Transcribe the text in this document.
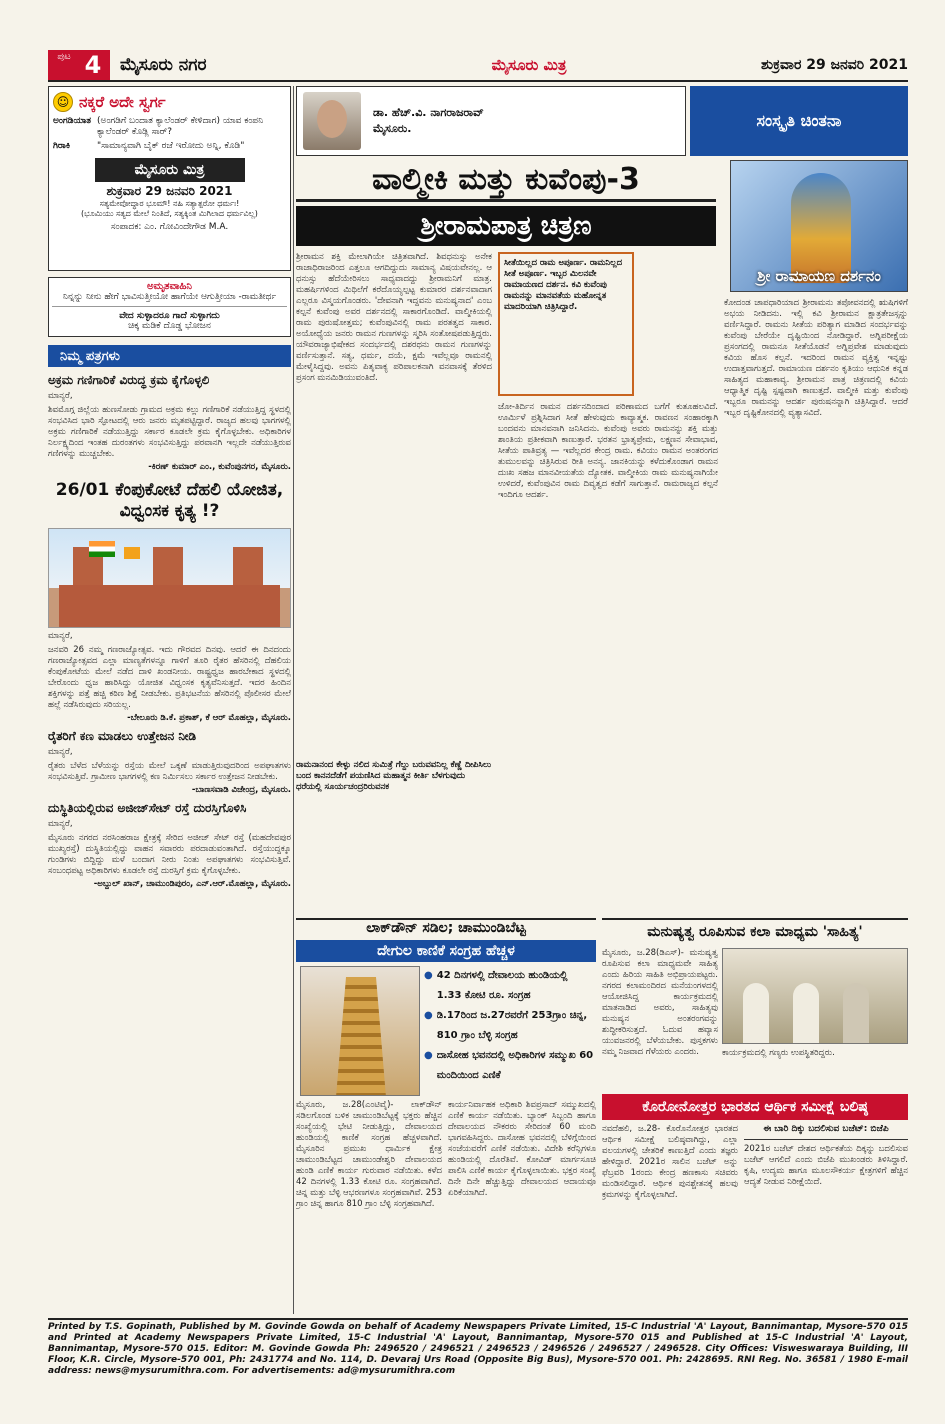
ಪುಟ 4	ಮೈಸೂರು ನಗರ	ಮೈಸೂರು ಮಿತ್ರ	ಶುಕ್ರವಾರ 29 ಜನವರಿ 2021
☺ ನಕ್ಕರೆ ಅದೇ ಸ್ವರ್ಗ
ಅಂಗಡಿಯಾತ (ಅಂಗಡಿಗೆ ಬಂದಾತ ಕ್ಯಾಲೆಂಡರ್ ಕೇಳಿದಾಗ) ಯಾವ ಕಂಪನಿ ಕ್ಯಾಲೆಂಡರ್ ಕೊಡ್ಲಿ ಸಾರ್?
ಗಿರಾಕಿ	"ಸಾಮಾನ್ಯವಾಗಿ ಬೈಕ್ ರಜೆ ಇರೋದು ಅನ್ನಿ, ಕೊಡಿ"
ಮೈಸೂರು ಮಿತ್ರ
ಶುಕ್ರವಾರ 29 ಜನವರಿ 2021
ಸತ್ಯಮೇವೋದ್ಧಾರ ಭೂಮೌ! ನಹಿ ಸತ್ಯಾತ್ಪರೋ ಧರ್ಮಃ!
(ಭೂಮಿಯು ಸತ್ಯದ ಮೇಲೆ ನಿಂತಿದೆ, ಸತ್ಯಕ್ಕಿಂತ ಮಿಗಿಲಾದ ಧರ್ಮವಿಲ್ಲ)
ಸಂಪಾದಕ: ಎಂ. ಗೋವಿಂದೇಗೌಡ M.A.
ಅಮೃತವಾಹಿನಿ
ನಿನ್ನನ್ನು ನೀನು ಹೇಗೆ ಭಾವಿಸುತ್ತೀಯೋ ಹಾಗೆಯೇ ಆಗುತ್ತೀಯಾ -ರಾಮತೀರ್ಥ
ವೇದ ಸುಳ್ಳಾದರೂ ಗಾದೆ ಸುಳ್ಳಾಗದು
ಚಿಕ್ಕ ಮಡಿಕೆ ದೊಡ್ಡ ಭೋಜನ
ನಿಮ್ಮ ಪತ್ರಗಳು
ಅಕ್ರಮ ಗಣಿಗಾರಿಕೆ ವಿರುದ್ಧ ಕ್ರಮ ಕೈಗೊಳ್ಳಲಿ
ಮಾನ್ಯರೆ,
ಶಿವಮೊಗ್ಗ ಜಿಲ್ಲೆಯ ಹುಣಸೋಡು ಗ್ರಾಮದ ಅಕ್ರಮ ಕಲ್ಲು ಗಣಿಗಾರಿಕೆ ನಡೆಯುತ್ತಿದ್ದ ಸ್ಥಳದಲ್ಲಿ ಸಂಭವಿಸಿದ ಭಾರಿ ಸ್ಫೋಟದಲ್ಲಿ ಆರು ಜನರು ಮೃತಪಟ್ಟಿದ್ದಾರೆ. ರಾಜ್ಯದ ಹಲವು ಭಾಗಗಳಲ್ಲಿ ಅಕ್ರಮ ಗಣಿಗಾರಿಕೆ ನಡೆಯುತ್ತಿದ್ದು ಸರ್ಕಾರ ಕೂಡಲೇ ಕ್ರಮ ಕೈಗೊಳ್ಳಬೇಕು. ಅಧಿಕಾರಿಗಳ ನಿರ್ಲಕ್ಷ್ಯದಿಂದ ಇಂತಹ ದುರಂತಗಳು ಸಂಭವಿಸುತ್ತಿದ್ದು ಪರವಾನಗಿ ಇಲ್ಲದೇ ನಡೆಯುತ್ತಿರುವ ಗಣಿಗಳನ್ನು ಮುಚ್ಚಬೇಕು.
-ಕಿರಣ್ ಕುಮಾರ್ ಎಂ., ಕುವೆಂಪುನಗರ, ಮೈಸೂರು.
26/01 ಕೆಂಪುಕೋಟೆ ದೆಹಲಿ ಯೋಜಿತ, ವಿಧ್ವಂಸಕ ಕೃತ್ಯ !?
ಮಾನ್ಯರೆ,
ಜನವರಿ 26 ನಮ್ಮ ಗಣರಾಜ್ಯೋತ್ಸವ. ಇದು ಗೌರವದ ದಿನವು. ಆದರೆ ಈ ದಿನದಂದು ಗಣರಾಜ್ಯೋತ್ಸವದ ಎಲ್ಲಾ ಮಾಣ್ಯತೆಗಳನ್ನೂ ಗಾಳಿಗೆ ತೂರಿ ರೈತರ ಹೆಸರಿನಲ್ಲಿ ದೆಹಲಿಯ ಕೆಂಪುಕೋಟೆಯ ಮೇಲೆ ನಡೆದ ದಾಳಿ ಖಂಡನೀಯ. ರಾಷ್ಟ್ರಧ್ವಜ ಹಾರಬೇಕಾದ ಸ್ಥಳದಲ್ಲಿ ಬೇರೊಂದು ಧ್ವಜ ಹಾರಿಸಿದ್ದು ಯೋಜಿತ ವಿಧ್ವಂಸಕ ಕೃತ್ಯವೆನಿಸುತ್ತದೆ. ಇದರ ಹಿಂದಿನ ಶಕ್ತಿಗಳನ್ನು ಪತ್ತೆ ಹಚ್ಚಿ ಕಠಿಣ ಶಿಕ್ಷೆ ನೀಡಬೇಕು. ಪ್ರತಿಭಟನೆಯ ಹೆಸರಿನಲ್ಲಿ ಪೊಲೀಸರ ಮೇಲೆ ಹಲ್ಲೆ ನಡೆಸಿರುವುದು ಸರಿಯಲ್ಲ.
-ಬೇಲೂರು ಡಿ.ಕೆ. ಪ್ರಕಾಶ್, ಕೆ ಆರ್ ಮೊಹಲ್ಲಾ, ಮೈಸೂರು.
ರೈತರಿಗೆ ಕಣ ಮಾಡಲು ಉತ್ತೇಜನ ನೀಡಿ
ಮಾನ್ಯರೆ,
ರೈತರು ಬೆಳೆದ ಬೆಳೆಯನ್ನು ರಸ್ತೆಯ ಮೇಲೆ ಒಕ್ಕಣೆ ಮಾಡುತ್ತಿರುವುದರಿಂದ ಅಪಘಾತಗಳು ಸಂಭವಿಸುತ್ತಿವೆ. ಗ್ರಾಮೀಣ ಭಾಗಗಳಲ್ಲಿ ಕಣ ನಿರ್ಮಿಸಲು ಸರ್ಕಾರ ಉತ್ತೇಜನ ನೀಡಬೇಕು.
-ಬಾಣಸವಾಡಿ ವಿಜೇಂದ್ರ, ಮೈಸೂರು.
ದುಸ್ಥಿತಿಯಲ್ಲಿರುವ ಅಜೀಜ್‌ಸೇಟ್ ರಸ್ತೆ ದುರಸ್ತಿಗೊಳಿಸಿ
ಮಾನ್ಯರೆ,
ಮೈಸೂರು ನಗರದ ನರಸಿಂಹರಾಜ ಕ್ಷೇತ್ರಕ್ಕೆ ಸೇರಿದ ಅಜೀಜ್ ಸೇಟ್ ರಸ್ತೆ (ಮಹದೇವಪುರ ಮುಖ್ಯರಸ್ತೆ) ದುಸ್ಥಿತಿಯಲ್ಲಿದ್ದು ವಾಹನ ಸವಾರರು ಪರದಾಡುವಂತಾಗಿದೆ. ರಸ್ತೆಯುದ್ದಕ್ಕೂ ಗುಂಡಿಗಳು ಬಿದ್ದಿದ್ದು ಮಳೆ ಬಂದಾಗ ನೀರು ನಿಂತು ಅಪಘಾತಗಳು ಸಂಭವಿಸುತ್ತಿವೆ. ಸಂಬಂಧಪಟ್ಟ ಅಧಿಕಾರಿಗಳು ಕೂಡಲೇ ರಸ್ತೆ ದುರಸ್ತಿಗೆ ಕ್ರಮ ಕೈಗೊಳ್ಳಬೇಕು.
-ಅಬ್ದುಲ್ ಖಾನ್, ಚಾಮುಂಡಿಪುರಂ, ಎನ್.ಆರ್.ಮೊಹಲ್ಲಾ, ಮೈಸೂರು.
ಡಾ. ಹೆಚ್.ವಿ. ನಾಗರಾಜರಾವ್
ಮೈಸೂರು.	ಸಂಸ್ಕೃತಿ ಚಿಂತನಾ
ವಾಲ್ಮೀಕಿ ಮತ್ತು ಕುವೆಂಪು-3
ಶ್ರೀರಾಮಪಾತ್ರ ಚಿತ್ರಣ
ಶ್ರೀ ರಾಮಾಯಣ ದರ್ಶನಂ
ಶ್ರೀರಾಮನ ಶಕ್ತಿ ಮೇಲಾಗಿಯೇ ಚಿತ್ರಿತವಾಗಿದೆ. ಶಿವಧನುಸ್ಸು ಅನೇಕ ರಾಜಾಧಿರಾಜರಿಂದ ಎತ್ತಲೂ ಆಗದಿದ್ದುದು ಸಾಮಾನ್ಯ ವಿಷಯವೇನಲ್ಲ. ಆ ಧನುಸ್ಸು ಹೆದೆಯೇರಿಸಲು ಸಾಧ್ಯವಾದದ್ದು ಶ್ರೀರಾಮನಿಗೆ ಮಾತ್ರ. ಮಹರ್ಷಿಗಳಿಂದ ಮಿಥಿಲೆಗೆ ಕರೆದೊಯ್ಯಲ್ಪಟ್ಟ ಕುಮಾರರ ದರ್ಶನವಾದಾಗ ಎಲ್ಲರೂ ವಿಸ್ಮಯಗೊಂಡರು. 'ದೇವನಾಗಿ ಇದ್ದವನು ಮನುಷ್ಯನಾದ' ಎಂಬ ಕಲ್ಪನೆ ಕುವೆಂಪು ಅವರ ದರ್ಶನದಲ್ಲಿ ಸಾಕಾರಗೊಂಡಿದೆ. ವಾಲ್ಮೀಕಿಯಲ್ಲಿ ರಾಮ ಪುರುಷೋತ್ತಮ; ಕುವೆಂಪುವಿನಲ್ಲಿ ರಾಮ ಪರತತ್ವದ ಸಾಕಾರ. ಅಯೋಧ್ಯೆಯ ಜನರು ರಾಮನ ಗುಣಗಳನ್ನು ಸ್ಮರಿಸಿ ಸಂತೋಷಪಡುತ್ತಿದ್ದರು. ಯೌವರಾಜ್ಯಾಭಿಷೇಕದ ಸಂದರ್ಭದಲ್ಲಿ ದಶರಥನು ರಾಮನ ಗುಣಗಳನ್ನು ವರ್ಣಿಸುತ್ತಾನೆ. ಸತ್ಯ, ಧರ್ಮ, ದಯೆ, ಕ್ಷಮೆ ಇವೆಲ್ಲವೂ ರಾಮನಲ್ಲಿ ಮೇಳೈಸಿದ್ದವು. ಅವನು ಪಿತೃವಾಕ್ಯ ಪರಿಪಾಲಕನಾಗಿ ವನವಾಸಕ್ಕೆ ತೆರಳಿದ ಪ್ರಸಂಗ ಮನಮಿಡಿಯುವಂತಿದೆ.
ಸೀತೆಯಿಲ್ಲದ ರಾಮ ಅಪೂರ್ಣ. ರಾಮನಿಲ್ಲದ ಸೀತೆ ಅಪೂರ್ಣ. ಇಬ್ಬರ ಮಿಲನವೇ ರಾಮಾಯಣದ ದರ್ಶನ. ಕವಿ ಕುವೆಂಪು ರಾಮನನ್ನು ಮಾನವತೆಯ ಮಹೋನ್ನತ ಮಾದರಿಯಾಗಿ ಚಿತ್ರಿಸಿದ್ದಾರೆ.
ಜೋ-ತಿರ್ದಿನ ರಾಮನ ದರ್ಶನದಿಂದಾದ ಪರಿಣಾಮದ ಬಗೆಗೆ ಕುತೂಹಲವಿದೆ. ಊರ್ಮಿಳೆ ಪ್ರಶ್ನಿಸಿದಾಗ ಸೀತೆ ಹೇಳುವುದು ಕಾವ್ಯಾತ್ಮಕ. ರಾವಣನ ಸಂಹಾರಕ್ಕಾಗಿ ಬಂದವನು ಮಾನವನಾಗಿ ಜನಿಸಿದನು. ಕುವೆಂಪು ಅವರು ರಾಮನನ್ನು ಶಕ್ತಿ ಮತ್ತು ಶಾಂತಿಯ ಪ್ರತೀಕವಾಗಿ ಕಾಣುತ್ತಾರೆ. ಭರತನ ಭ್ರಾತೃಪ್ರೇಮ, ಲಕ್ಷ್ಮಣನ ಸೇವಾಭಾವ, ಸೀತೆಯ ಪಾತಿವ್ರತ್ಯ — ಇವೆಲ್ಲದರ ಕೇಂದ್ರ ರಾಮ. ಕವಿಯು ರಾಮನ ಅಂತರಂಗದ ತುಮುಲವನ್ನು ಚಿತ್ರಿಸಿರುವ ರೀತಿ ಅನನ್ಯ. ಜಾನಕಿಯನ್ನು ಕಳೆದುಕೊಂಡಾಗ ರಾಮನ ದುಃಖ ಸಹಜ ಮಾನವೀಯತೆಯ ದ್ಯೋತಕ. ವಾಲ್ಮೀಕಿಯ ರಾಮ ಮನುಷ್ಯನಾಗಿಯೇ ಉಳಿದರೆ, ಕುವೆಂಪುವಿನ ರಾಮ ದಿವ್ಯತ್ವದ ಕಡೆಗೆ ಸಾಗುತ್ತಾನೆ. ರಾಮರಾಜ್ಯದ ಕಲ್ಪನೆ ಇಂದಿಗೂ ಆದರ್ಶ.
ಕೋದಂಡ ಚಾಪಧಾರಿಯಾದ ಶ್ರೀರಾಮನು ತಪೋವನದಲ್ಲಿ ಋಷಿಗಳಿಗೆ ಅಭಯ ನೀಡಿದನು. ಇಲ್ಲಿ ಕವಿ ಶ್ರೀರಾಮನ ಕ್ಷಾತ್ರತೇಜಸ್ಸನ್ನು ವರ್ಣಿಸಿದ್ದಾರೆ. ರಾಮನು ಸೀತೆಯ ಪರಿತ್ಯಾಗ ಮಾಡಿದ ಸಂದರ್ಭವನ್ನು ಕುವೆಂಪು ಬೇರೆಯೇ ದೃಷ್ಟಿಯಿಂದ ನೋಡಿದ್ದಾರೆ. ಅಗ್ನಿಪರೀಕ್ಷೆಯ ಪ್ರಸಂಗದಲ್ಲಿ ರಾಮನೂ ಸೀತೆಯೊಡನೆ ಅಗ್ನಿಪ್ರವೇಶ ಮಾಡುವುದು ಕವಿಯ ಹೊಸ ಕಲ್ಪನೆ. ಇದರಿಂದ ರಾಮನ ವ್ಯಕ್ತಿತ್ವ ಇನ್ನಷ್ಟು ಉದಾತ್ತವಾಗುತ್ತದೆ. ರಾಮಾಯಣ ದರ್ಶನಂ ಕೃತಿಯು ಆಧುನಿಕ ಕನ್ನಡ ಸಾಹಿತ್ಯದ ಮಹಾಕಾವ್ಯ. ಶ್ರೀರಾಮನ ಪಾತ್ರ ಚಿತ್ರಣದಲ್ಲಿ ಕವಿಯ ಆಧ್ಯಾತ್ಮಿಕ ದೃಷ್ಟಿ ಸ್ಪಷ್ಟವಾಗಿ ಕಾಣುತ್ತದೆ. ವಾಲ್ಮೀಕಿ ಮತ್ತು ಕುವೆಂಪು ಇಬ್ಬರೂ ರಾಮನನ್ನು ಆದರ್ಶ ಪುರುಷನನ್ನಾಗಿ ಚಿತ್ರಿಸಿದ್ದಾರೆ. ಆದರೆ ಇಬ್ಬರ ದೃಷ್ಟಿಕೋನದಲ್ಲಿ ವ್ಯತ್ಯಾಸವಿದೆ.
ರಾಮನಾನಂದ ಕೇಳ್ಳು ನಲಿದ ಸುಮಿತ್ರೆ ಗೆಲ್ದು ಬರುವವನಿಲ್ಲ ಕೆಣ್ಣೆ ದೀಪಿಸಿಲು ಬಂದ ಕಾನನದೆಡೆಗೆ ಪಯಣಿಸಿದ ಮಹಾತ್ಮನ ಕೀರ್ತಿ ಬೆಳಗುವುದು ಧರೆಯಲ್ಲಿ ಸೂರ್ಯಚಂದ್ರರಿರುವನಕ
ಲಾಕ್‌ಡೌನ್ ಸಡಿಲ; ಚಾಮುಂಡಿಬೆಟ್ಟ
ದೇಗುಲ ಕಾಣಿಕೆ ಸಂಗ್ರಹ ಹೆಚ್ಚಳ
● 42 ದಿನಗಳಲ್ಲಿ ದೇವಾಲಯ ಹುಂಡಿಯಲ್ಲಿ 1.33 ಕೋಟಿ ರೂ. ಸಂಗ್ರಹ
● ಡಿ.17ರಿಂದ ಜ.27ರವರೆಗೆ 253ಗ್ರಾಂ ಚಿನ್ನ, 810 ಗ್ರಾಂ ಬೆಳ್ಳಿ ಸಂಗ್ರಹ
● ದಾಸೋಹ ಭವನದಲ್ಲಿ ಅಧಿಕಾರಿಗಳ ಸಮ್ಮುಖ 60 ಮಂದಿಯಿಂದ ಎಣಿಕೆ
ಮೈಸೂರು, ಜ.28(ಎಂಟಿವೈ)- ಲಾಕ್‌ಡೌನ್ ಸಡಿಲಗೊಂಡ ಬಳಿಕ ಚಾಮುಂಡಿಬೆಟ್ಟಕ್ಕೆ ಭಕ್ತರು ಹೆಚ್ಚಿನ ಸಂಖ್ಯೆಯಲ್ಲಿ ಭೇಟಿ ನೀಡುತ್ತಿದ್ದು, ದೇವಾಲಯದ ಹುಂಡಿಯಲ್ಲಿ ಕಾಣಿಕೆ ಸಂಗ್ರಹ ಹೆಚ್ಚಳವಾಗಿದೆ. ಮೈಸೂರಿನ ಪ್ರಮುಖ ಧಾರ್ಮಿಕ ಕ್ಷೇತ್ರ ಚಾಮುಂಡಿಬೆಟ್ಟದ ಚಾಮುಂಡೇಶ್ವರಿ ದೇವಾಲಯದ ಹುಂಡಿ ಎಣಿಕೆ ಕಾರ್ಯ ಗುರುವಾರ ನಡೆಯಿತು. ಕಳೆದ 42 ದಿನಗಳಲ್ಲಿ 1.33 ಕೋಟಿ ರೂ. ಸಂಗ್ರಹವಾಗಿದೆ. ಚಿನ್ನ ಮತ್ತು ಬೆಳ್ಳಿ ಆಭರಣಗಳೂ ಸಂಗ್ರಹವಾಗಿವೆ. 253 ಗ್ರಾಂ ಚಿನ್ನ ಹಾಗೂ 810 ಗ್ರಾಂ ಬೆಳ್ಳಿ ಸಂಗ್ರಹವಾಗಿದೆ.
ಕಾರ್ಯನಿರ್ವಾಹಕ ಅಧಿಕಾರಿ ಶಿವಪ್ರಸಾದ್ ಸಮ್ಮುಖದಲ್ಲಿ ಎಣಿಕೆ ಕಾರ್ಯ ನಡೆಯಿತು. ಬ್ಯಾಂಕ್ ಸಿಬ್ಬಂದಿ ಹಾಗೂ ದೇವಾಲಯದ ನೌಕರರು ಸೇರಿದಂತೆ 60 ಮಂದಿ ಭಾಗವಹಿಸಿದ್ದರು. ದಾಸೋಹ ಭವನದಲ್ಲಿ ಬೆಳಿಗ್ಗೆಯಿಂದ ಸಂಜೆಯವರೆಗೆ ಎಣಿಕೆ ನಡೆಯಿತು. ವಿದೇಶಿ ಕರೆನ್ಸಿಗಳೂ ಹುಂಡಿಯಲ್ಲಿ ದೊರೆತಿವೆ. ಕೋವಿಡ್ ಮಾರ್ಗಸೂಚಿ ಪಾಲಿಸಿ ಎಣಿಕೆ ಕಾರ್ಯ ಕೈಗೊಳ್ಳಲಾಯಿತು. ಭಕ್ತರ ಸಂಖ್ಯೆ ದಿನೇ ದಿನೇ ಹೆಚ್ಚುತ್ತಿದ್ದು ದೇವಾಲಯದ ಆದಾಯವೂ ಏರಿಕೆಯಾಗಿದೆ.
ಮನುಷ್ಯತ್ವ ರೂಪಿಸುವ ಕಲಾ ಮಾಧ್ಯಮ 'ಸಾಹಿತ್ಯ'
ಮೈಸೂರು, ಜ.28(ಡಿಎಸ್)- ಮನುಷ್ಯತ್ವ ರೂಪಿಸುವ ಕಲಾ ಮಾಧ್ಯಮವೇ ಸಾಹಿತ್ಯ ಎಂದು ಹಿರಿಯ ಸಾಹಿತಿ ಅಭಿಪ್ರಾಯಪಟ್ಟರು. ನಗರದ ಕಲಾಮಂದಿರದ ಮನೆಯಂಗಳದಲ್ಲಿ ಆಯೋಜಿಸಿದ್ದ ಕಾರ್ಯಕ್ರಮದಲ್ಲಿ ಮಾತನಾಡಿದ ಅವರು, ಸಾಹಿತ್ಯವು ಮನುಷ್ಯನ ಅಂತರಂಗವನ್ನು ಶುದ್ಧೀಕರಿಸುತ್ತದೆ. ಓದುವ ಹವ್ಯಾಸ ಯುವಜನರಲ್ಲಿ ಬೆಳೆಯಬೇಕು. ಪುಸ್ತಕಗಳು ನಮ್ಮ ನಿಜವಾದ ಗೆಳೆಯರು ಎಂದರು.	ಕಾರ್ಯಕ್ರಮದಲ್ಲಿ ಗಣ್ಯರು ಉಪಸ್ಥಿತರಿದ್ದರು.
ಕೊರೋನೋತ್ತರ ಭಾರತದ ಆರ್ಥಿಕ ಸಮೀಕ್ಷೆ ಬಲಿಷ್ಠ
ನವದೆಹಲಿ, ಜ.28- ಕೊರೊನೋತ್ತರ ಭಾರತದ ಆರ್ಥಿಕ ಸಮೀಕ್ಷೆ ಬಲಿಷ್ಠವಾಗಿದ್ದು, ಎಲ್ಲಾ ವಲಯಗಳಲ್ಲಿ ಚೇತರಿಕೆ ಕಾಣುತ್ತಿದೆ ಎಂದು ತಜ್ಞರು ಹೇಳಿದ್ದಾರೆ. 2021ರ ಸಾಲಿನ ಬಜೆಟ್ ಅನ್ನು ಫೆಬ್ರವರಿ 1ರಂದು ಕೇಂದ್ರ ಹಣಕಾಸು ಸಚಿವರು ಮಂಡಿಸಲಿದ್ದಾರೆ. ಆರ್ಥಿಕ ಪುನಶ್ಚೇತನಕ್ಕೆ ಹಲವು ಕ್ರಮಗಳನ್ನು ಕೈಗೊಳ್ಳಲಾಗಿದೆ.
ಈ ಬಾರಿ ದಿಕ್ಕು ಬದಲಿಸುವ ಬಜೆಟ್: ಬಿಜೆಪಿ
2021ರ ಬಜೆಟ್ ದೇಶದ ಆರ್ಥಿಕತೆಯ ದಿಕ್ಕನ್ನು ಬದಲಿಸುವ ಬಜೆಟ್ ಆಗಲಿದೆ ಎಂದು ಬಿಜೆಪಿ ಮುಖಂಡರು ತಿಳಿಸಿದ್ದಾರೆ. ಕೃಷಿ, ಉದ್ಯಮ ಹಾಗೂ ಮೂಲಸೌಕರ್ಯ ಕ್ಷೇತ್ರಗಳಿಗೆ ಹೆಚ್ಚಿನ ಆದ್ಯತೆ ನೀಡುವ ನಿರೀಕ್ಷೆಯಿದೆ.
Printed by T.S. Gopinath, Published by M. Govinde Gowda on behalf of Academy Newspapers Private Limited, 15-C Industrial 'A' Layout, Bannimantap, Mysore-570 015 and Printed at Academy Newspapers Private Limited, 15-C Industrial 'A' Layout, Bannimantap, Mysore-570 015 and Published at 15-C Industrial 'A' Layout, Bannimantap, Mysore-570 015. Editor: M. Govinde Gowda Ph: 2496520 / 2496521 / 2496523 / 2496526 / 2496527 / 2496528. City Offices: Visweswaraya Building, III Floor, K.R. Circle, Mysore-570 001, Ph: 2431774 and No. 114, D. Devaraj Urs Road (Opposite Big Bus), Mysore-570 001. Ph: 2428695. RNI Reg. No. 36581 / 1980 E-mail address: news@mysurumithra.com. For advertisements: ad@mysurumithra.com
